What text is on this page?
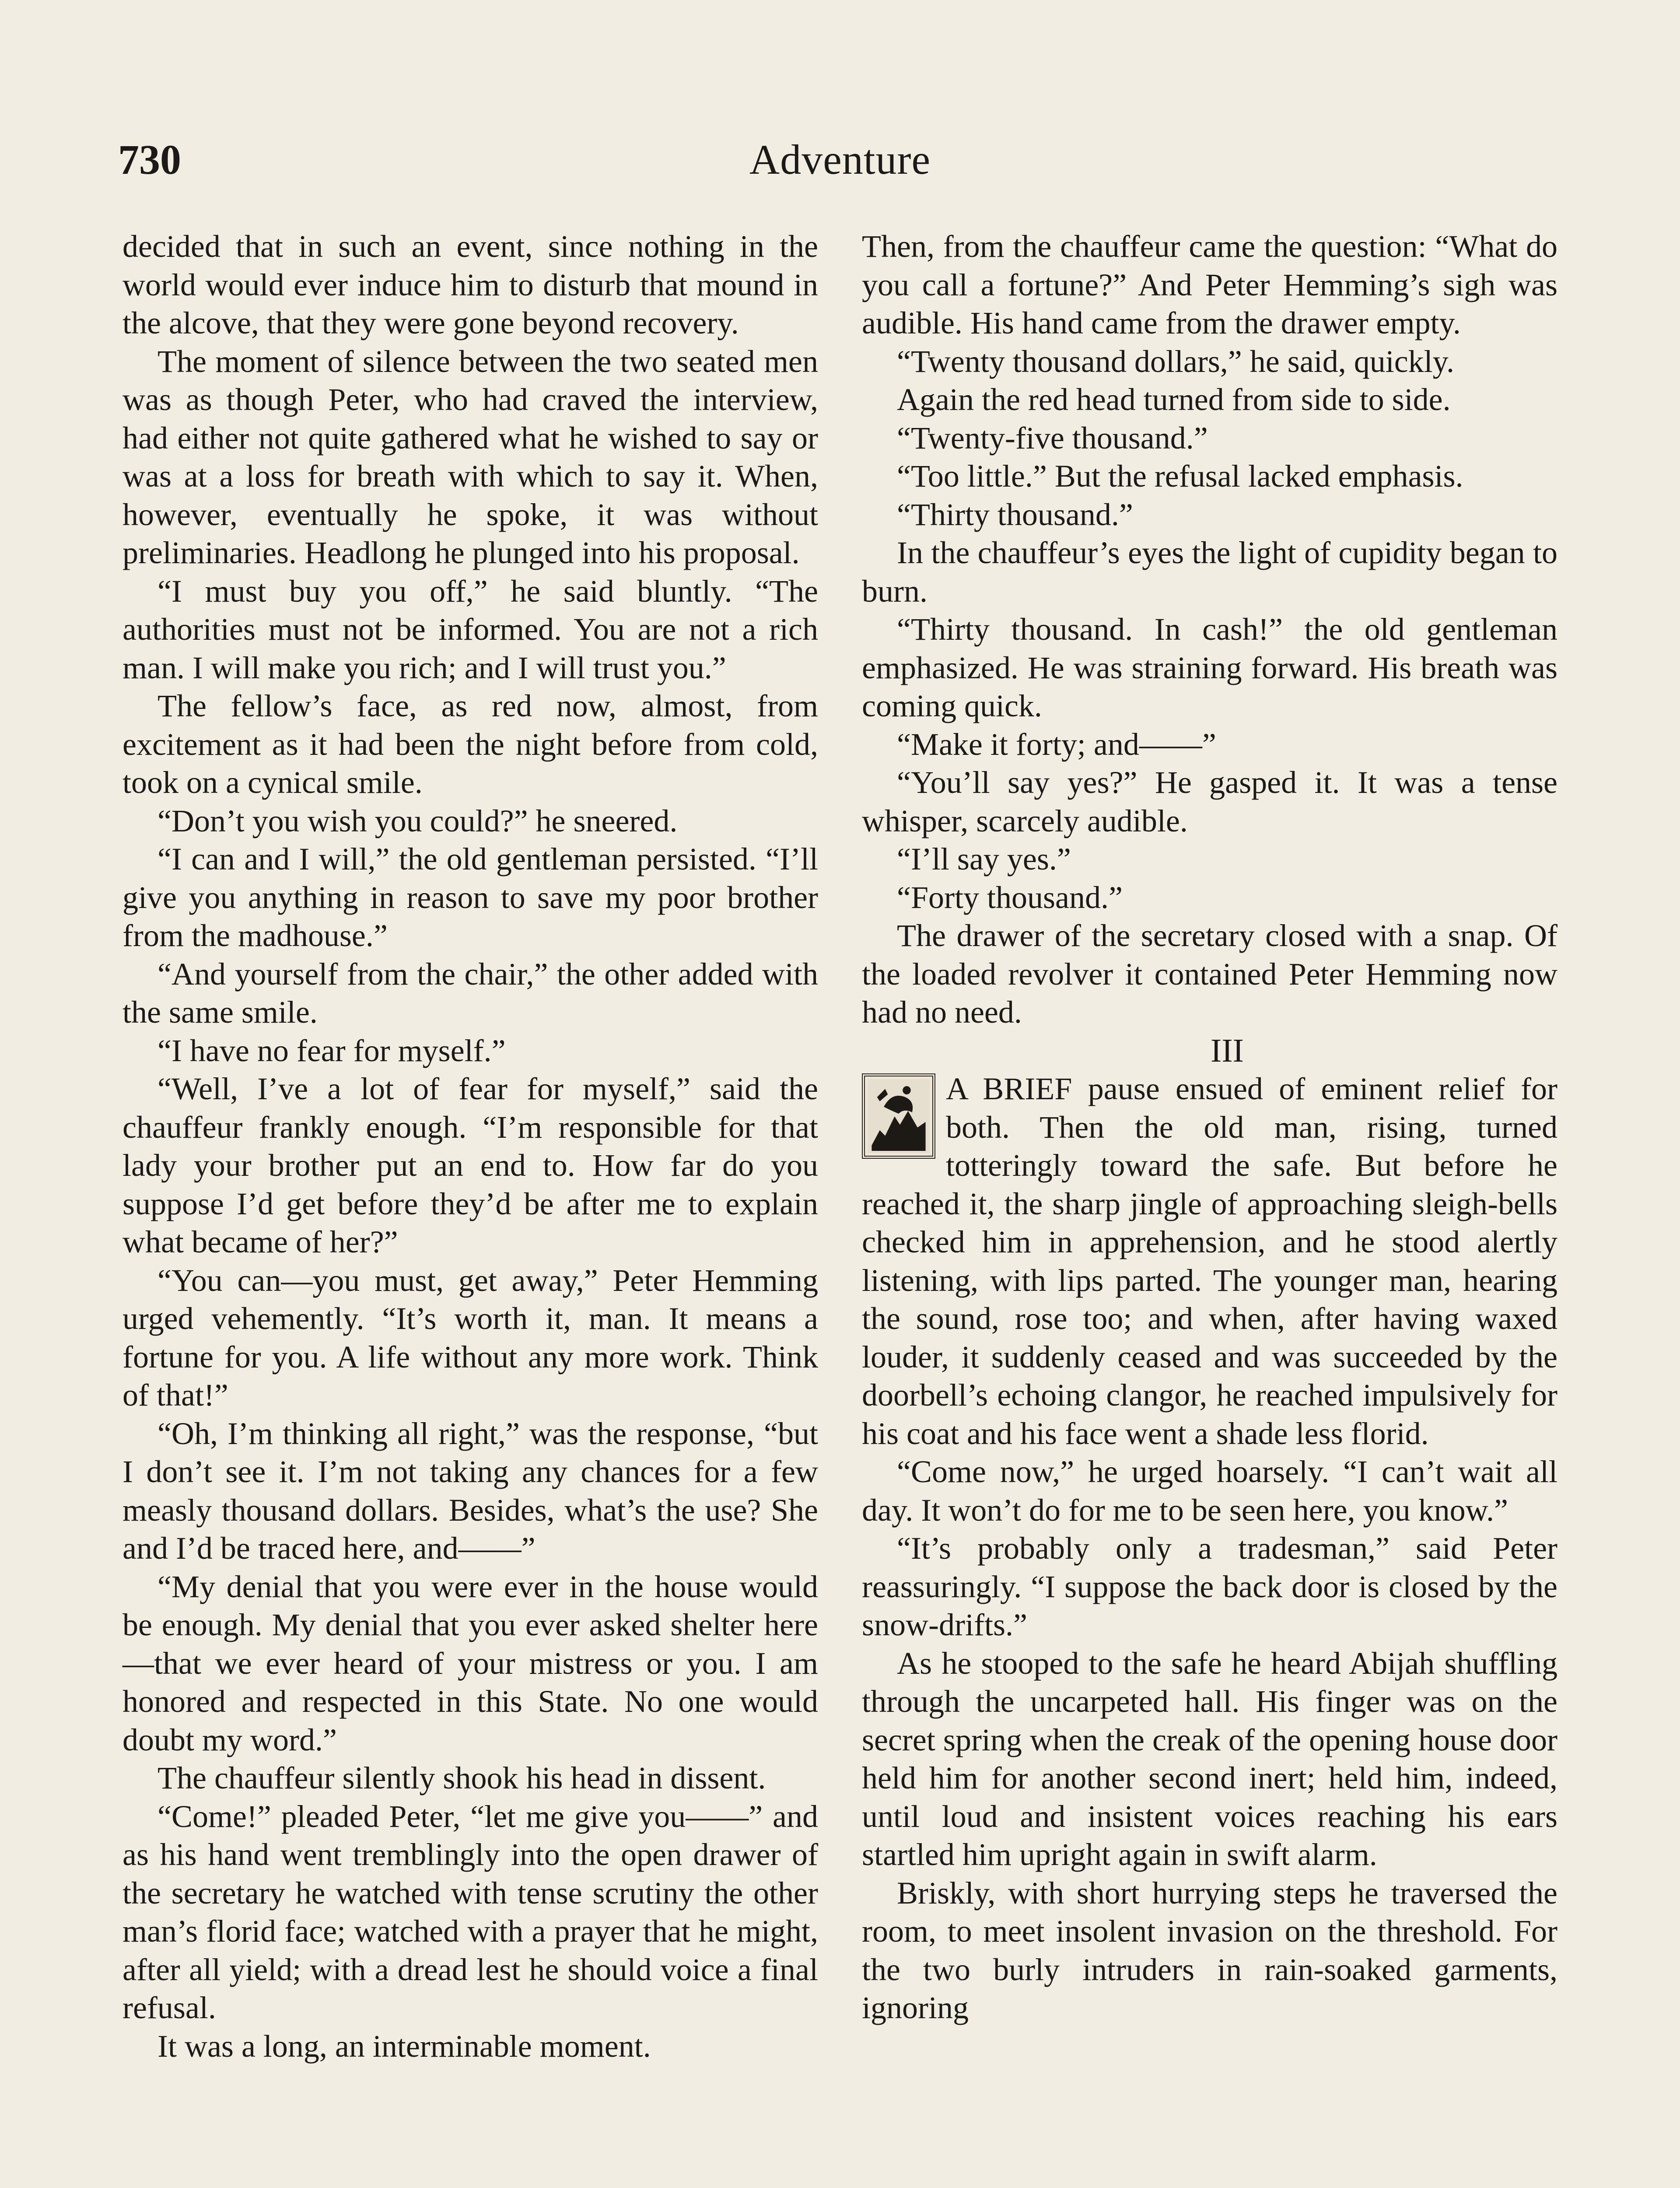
730	Adventure

decided that in such an event, since nothing in the world would ever induce him to disturb that mound in the alcove, that they were gone beyond recovery.

The moment of silence between the two seated men was as though Peter, who had craved the interview, had either not quite gathered what he wished to say or was at a loss for breath with which to say it. When, however, eventually he spoke, it was without preliminaries. Headlong he plunged into his proposal.

“I must buy you off,” he said bluntly. “The authorities must not be informed. You are not a rich man. I will make you rich; and I will trust you.”

The fellow’s face, as red now, almost, from excitement as it had been the night before from cold, took on a cynical smile.

“Don’t you wish you could?” he sneered.

“I can and I will,” the old gentleman persisted. “I’ll give you anything in reason to save my poor brother from the madhouse.”

“And yourself from the chair,” the other added with the same smile.

“I have no fear for myself.”

“Well, I’ve a lot of fear for myself,” said the chauffeur frankly enough. “I’m responsible for that lady your brother put an end to. How far do you suppose I’d get before they’d be after me to explain what became of her?”

“You can—you must, get away,” Peter Hemming urged vehemently. “It’s worth it, man. It means a fortune for you. A life without any more work. Think of that!”

“Oh, I’m thinking all right,” was the response, “but I don’t see it. I’m not taking any chances for a few measly thousand dollars. Besides, what’s the use? She and I’d be traced here, and——”

“My denial that you were ever in the house would be enough. My denial that you ever asked shelter here—that we ever heard of your mistress or you. I am honored and respected in this State. No one would doubt my word.”

The chauffeur silently shook his head in dissent.

“Come!” pleaded Peter, “let me give you——” and as his hand went tremblingly into the open drawer of the secretary he watched with tense scrutiny the other man’s florid face; watched with a prayer that he might, after all yield; with a dread lest he should voice a final refusal.

It was a long, an interminable moment.

Then, from the chauffeur came the question: “What do you call a fortune?” And Peter Hemming’s sigh was audible. His hand came from the drawer empty.

“Twenty thousand dollars,” he said, quickly.

Again the red head turned from side to side.

“Twenty-five thousand.”

“Too little.” But the refusal lacked emphasis.

“Thirty thousand.”

In the chauffeur’s eyes the light of cupidity began to burn.

“Thirty thousand. In cash!” the old gentleman emphasized. He was straining forward. His breath was coming quick.

“Make it forty; and——”

“You’ll say yes?” He gasped it. It was a tense whisper, scarcely audible.

“I’ll say yes.”

“Forty thousand.”

The drawer of the secretary closed with a snap. Of the loaded revolver it contained Peter Hemming now had no need.

III

A BRIEF pause ensued of eminent relief for both. Then the old man, rising, turned totteringly toward the safe. But before he reached it, the sharp jingle of approaching sleigh-bells checked him in apprehension, and he stood alertly listening, with lips parted. The younger man, hearing the sound, rose too; and when, after having waxed louder, it suddenly ceased and was succeeded by the doorbell’s echoing clangor, he reached impulsively for his coat and his face went a shade less florid.

“Come now,” he urged hoarsely. “I can’t wait all day. It won’t do for me to be seen here, you know.”

“It’s probably only a tradesman,” said Peter reassuringly. “I suppose the back door is closed by the snow-drifts.”

As he stooped to the safe he heard Abijah shuffling through the uncarpeted hall. His finger was on the secret spring when the creak of the opening house door held him for another second inert; held him, indeed, until loud and insistent voices reaching his ears startled him upright again in swift alarm.

Briskly, with short hurrying steps he traversed the room, to meet insolent invasion on the threshold. For the two burly intruders in rain-soaked garments, ignoring
